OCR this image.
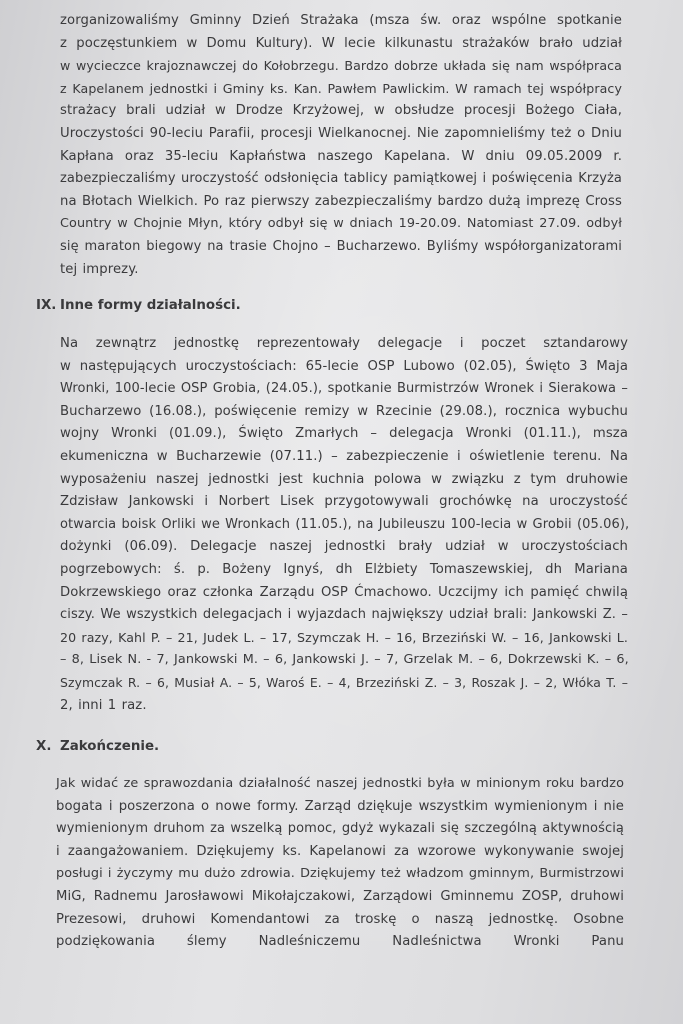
zorganizowaliśmy Gminny Dzień Strażaka (msza św. oraz wspólne spotkanie
z poczęstunkiem w Domu Kultury). W lecie kilkunastu strażaków brało udział
w wycieczce krajoznawczej do Kołobrzegu. Bardzo dobrze układa się nam współpraca
z Kapelanem jednostki i Gminy ks. Kan. Pawłem Pawlickim. W ramach tej współpracy
strażacy brali udział w Drodze Krzyżowej, w obsłudze procesji Bożego Ciała,
Uroczystości 90-leciu Parafii, procesji Wielkanocnej. Nie zapomnieliśmy też o Dniu
Kapłana oraz 35-leciu Kapłaństwa naszego Kapelana. W dniu 09.05.2009 r.
zabezpieczaliśmy uroczystość odsłonięcia tablicy pamiątkowej i poświęcenia Krzyża
na Błotach Wielkich. Po raz pierwszy zabezpieczaliśmy bardzo dużą imprezę Cross
Country w Chojnie Młyn, który odbył się w dniach 19-20.09. Natomiast 27.09. odbył
się maraton biegowy na trasie Chojno – Bucharzewo. Byliśmy współorganizatorami
tej imprezy.
IX. Inne formy działalności.
Na zewnątrz jednostkę reprezentowały delegacje i poczet sztandarowy
w następujących uroczystościach: 65-lecie OSP Lubowo (02.05), Święto 3 Maja
Wronki, 100-lecie OSP Grobia, (24.05.), spotkanie Burmistrzów Wronek i Sierakowa –
Bucharzewo (16.08.), poświęcenie remizy w Rzecinie (29.08.), rocznica wybuchu
wojny Wronki (01.09.), Święto Zmarłych – delegacja Wronki (01.11.), msza
ekumeniczna w Bucharzewie (07.11.) – zabezpieczenie i oświetlenie terenu. Na
wyposażeniu naszej jednostki jest kuchnia polowa w związku z tym druhowie
Zdzisław Jankowski i Norbert Lisek przygotowywali grochówkę na uroczystość
otwarcia boisk Orliki we Wronkach (11.05.), na Jubileuszu 100-lecia w Grobii (05.06),
dożynki (06.09). Delegacje naszej jednostki brały udział w uroczystościach
pogrzebowych: ś. p. Bożeny Ignyś, dh Elżbiety Tomaszewskiej, dh Mariana
Dokrzewskiego oraz członka Zarządu OSP Ćmachowo. Uczcijmy ich pamięć chwilą
ciszy. We wszystkich delegacjach i wyjazdach największy udział brali: Jankowski Z. –
20 razy, Kahl P. – 21, Judek L. – 17, Szymczak H. – 16, Brzeziński W. – 16, Jankowski L.
– 8, Lisek N. - 7, Jankowski M. – 6, Jankowski J. – 7, Grzelak M. – 6, Dokrzewski K. – 6,
Szymczak R. – 6, Musiał A. – 5, Waroś E. – 4, Brzeziński Z. – 3, Roszak J. – 2, Włóka T. –
2, inni 1 raz.
X. Zakończenie.
Jak widać ze sprawozdania działalność naszej jednostki była w minionym roku bardzo
bogata i poszerzona o nowe formy. Zarząd dziękuje wszystkim wymienionym i nie
wymienionym druhom za wszelką pomoc, gdyż wykazali się szczególną aktywnością
i zaangażowaniem. Dziękujemy ks. Kapelanowi za wzorowe wykonywanie swojej
posługi i życzymy mu dużo zdrowia. Dziękujemy też władzom gminnym, Burmistrzowi
MiG, Radnemu Jarosławowi Mikołajczakowi, Zarządowi Gminnemu ZOSP, druhowi
Prezesowi, druhowi Komendantowi za troskę o naszą jednostkę. Osobne
podziękowania ślemy Nadleśniczemu Nadleśnictwa Wronki Panu
